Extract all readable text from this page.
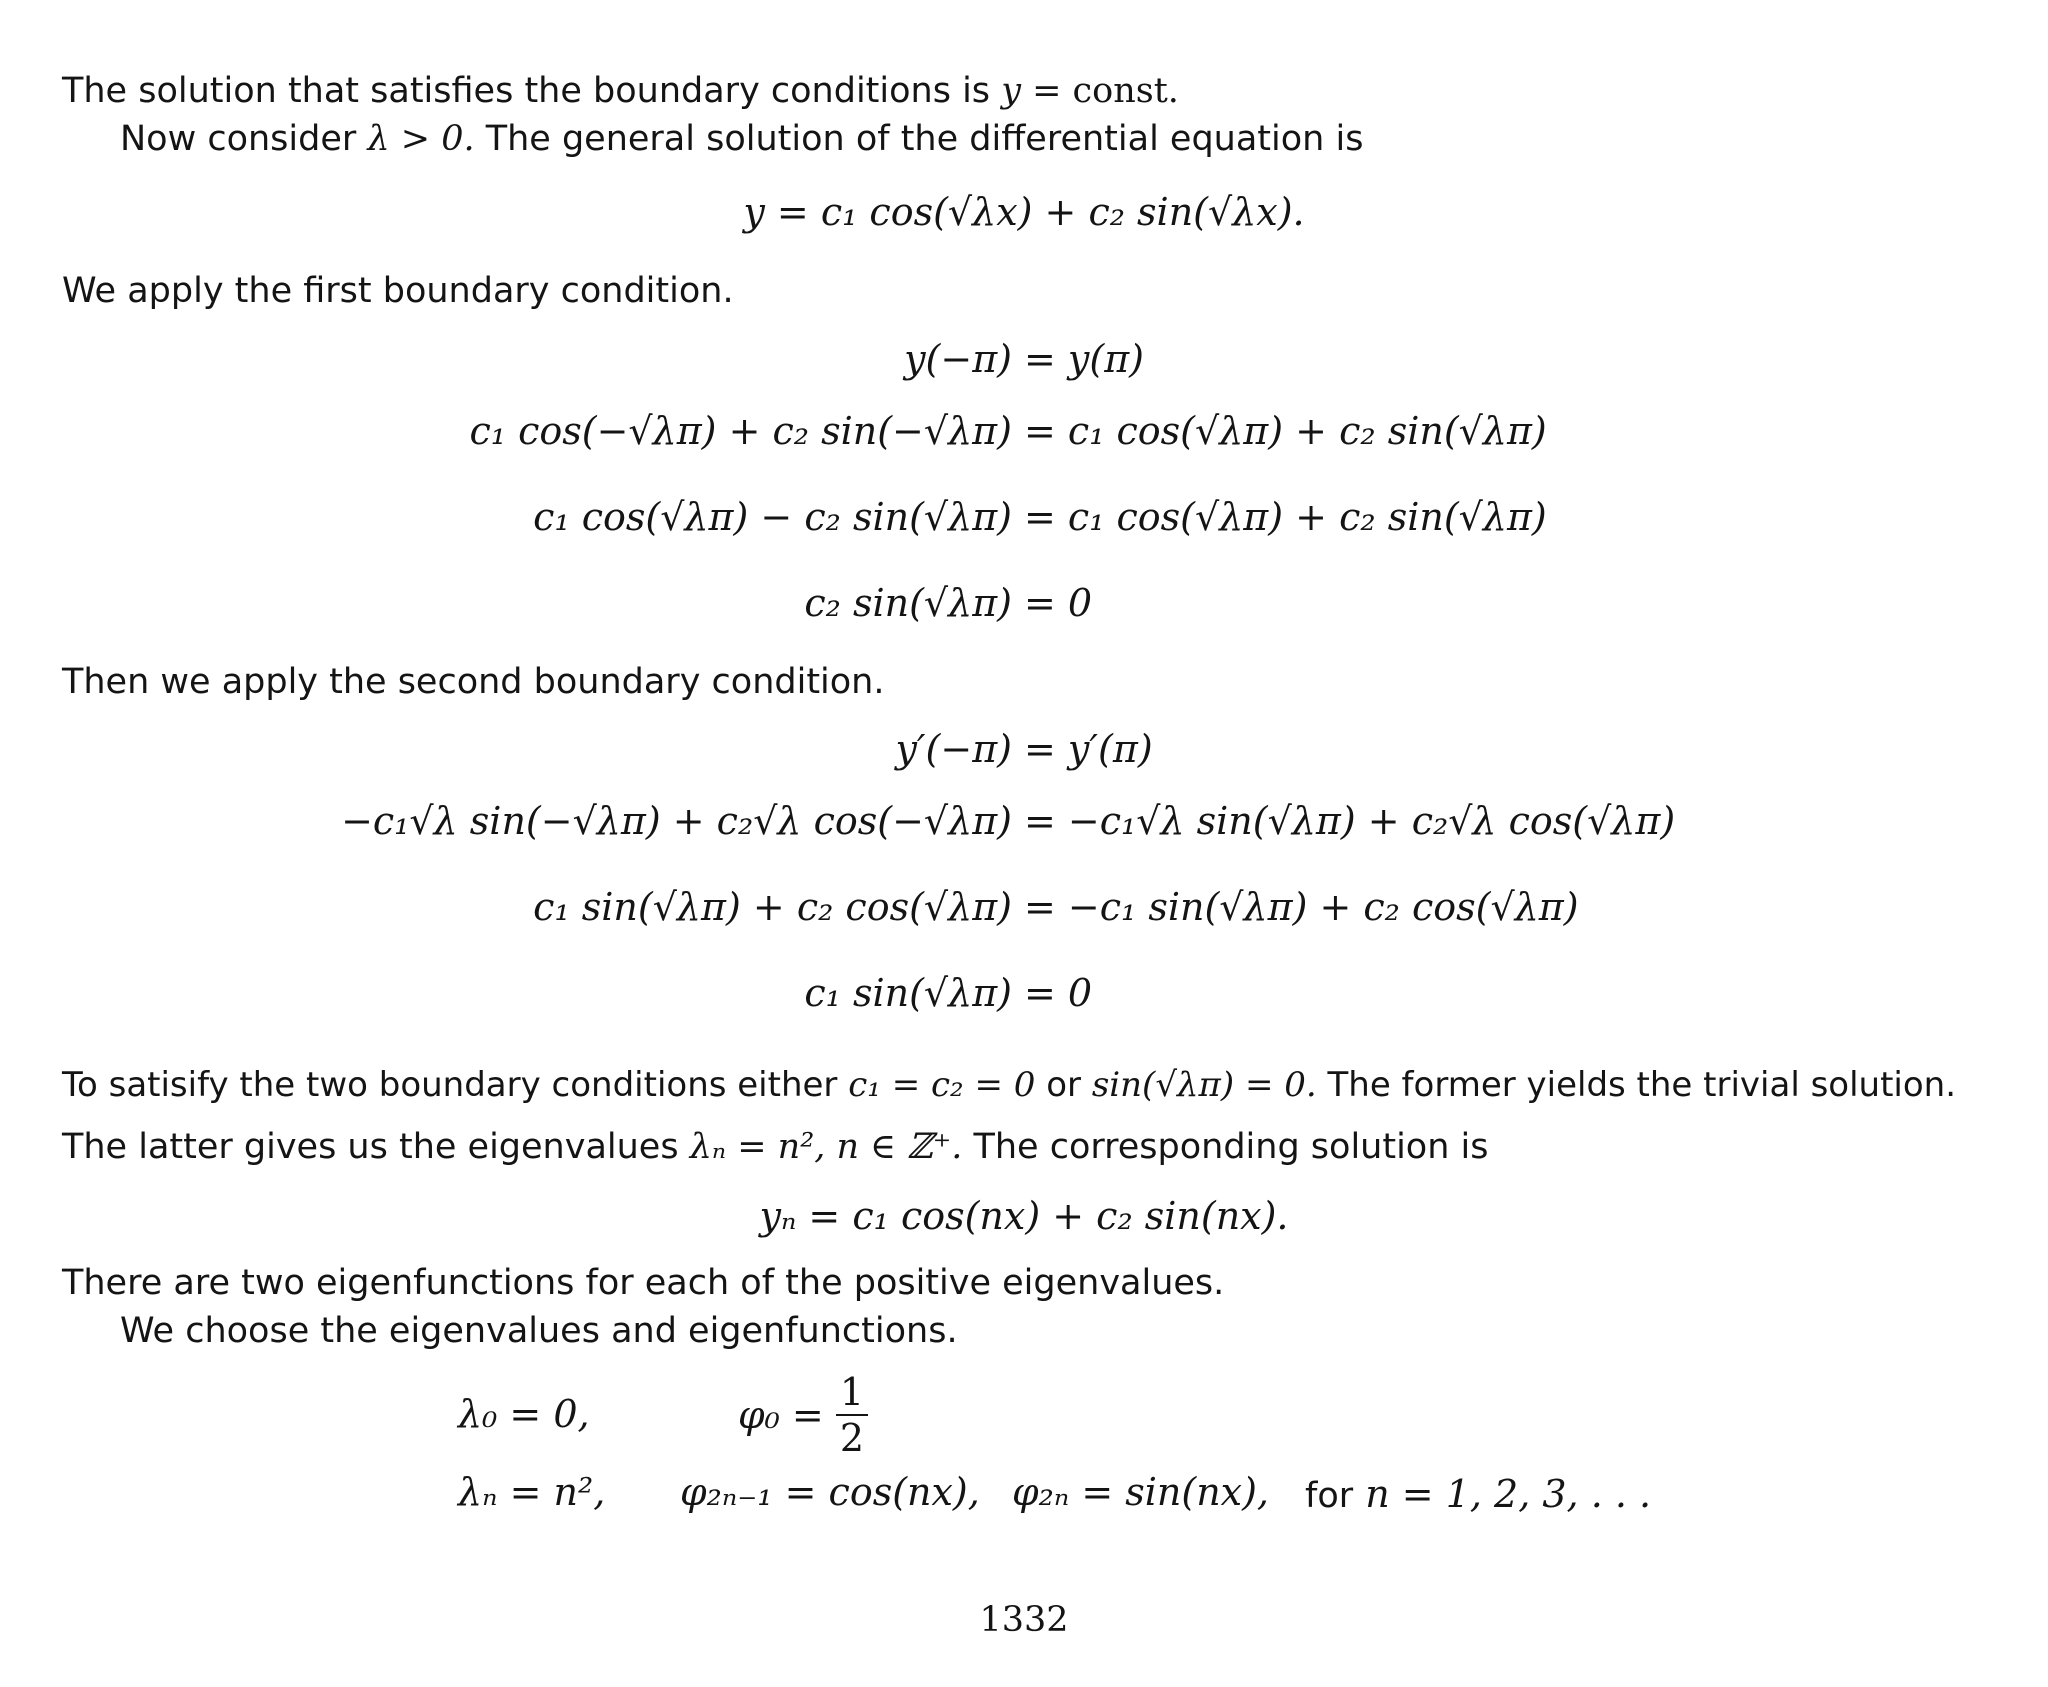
The solution that satisfies the boundary conditions is y = const.
Now consider λ > 0. The general solution of the differential equation is
y = c₁ cos(√λx) + c₂ sin(√λx).
We apply the first boundary condition.
y(−π) = y(π)
c₁ cos(−√λπ) + c₂ sin(−√λπ) = c₁ cos(√λπ) + c₂ sin(√λπ)
c₁ cos(√λπ) − c₂ sin(√λπ) = c₁ cos(√λπ) + c₂ sin(√λπ)
c₂ sin(√λπ) = 0
Then we apply the second boundary condition.
y′(−π) = y′(π)
−c₁√λ sin(−√λπ) + c₂√λ cos(−√λπ) = −c₁√λ sin(√λπ) + c₂√λ cos(√λπ)
c₁ sin(√λπ) + c₂ cos(√λπ) = −c₁ sin(√λπ) + c₂ cos(√λπ)
c₁ sin(√λπ) = 0
To satisify the two boundary conditions either c₁ = c₂ = 0 or sin(√λπ) = 0. The former yields the trivial solution.
The latter gives us the eigenvalues λₙ = n², n ∈ ℤ⁺. The corresponding solution is
yₙ = c₁ cos(nx) + c₂ sin(nx).
There are two eigenfunctions for each of the positive eigenvalues.
We choose the eigenvalues and eigenfunctions.
λ₀ = 0,	$\varphi_0 = \frac{1}{2}$
λₙ = n², φ₂ₙ₋₁ = cos(nx), φ₂ₙ = sin(nx), for n = 1, 2, 3, . . .
1332
